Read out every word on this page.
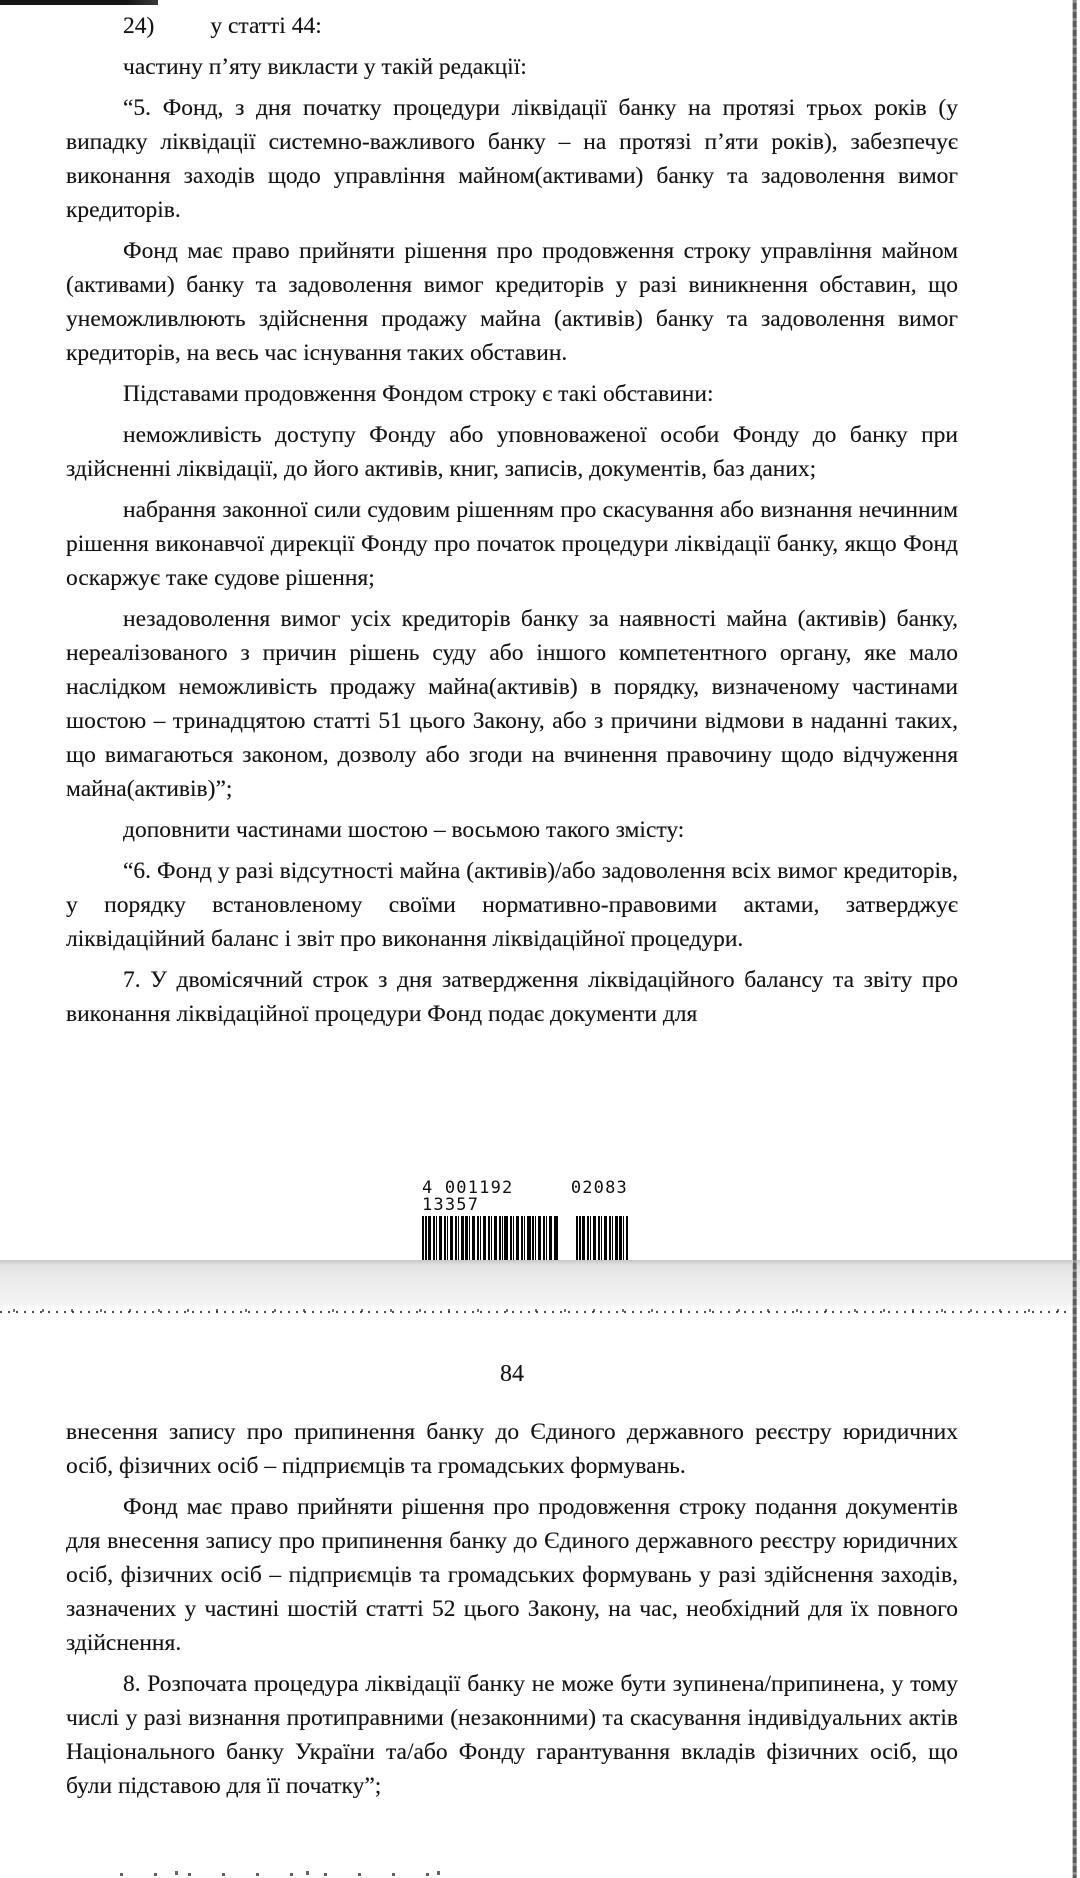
24) у статті 44:

частину п’яту викласти у такій редакції:

“5. Фонд, з дня початку процедури ліквідації банку на протязі трьох років (у випадку ліквідації системно-важливого банку – на протязі п’яти років), забезпечує виконання заходів щодо управління майном(активами) банку та задоволення вимог кредиторів.

Фонд має право прийняти рішення про продовження строку управління майном (активами) банку та задоволення вимог кредиторів у разі виникнення обставин, що унеможливлюють здійснення продажу майна (активів) банку та задоволення вимог кредиторів, на весь час існування таких обставин.

Підставами продовження Фондом строку є такі обставини:

неможливість доступу Фонду або уповноваженої особи Фонду до банку при здійсненні ліквідації, до його активів, книг, записів, документів, баз даних;

набрання законної сили судовим рішенням про скасування або визнання нечинним рішення виконавчої дирекції Фонду про початок процедури ліквідації банку, якщо Фонд оскаржує таке судове рішення;

незадоволення вимог усіх кредиторів банку за наявності майна (активів) банку, нереалізованого з причин рішень суду або іншого компетентного органу, яке мало наслідком неможливість продажу майна(активів) в порядку, визначеному частинами шостою – тринадцятою статті 51 цього Закону, або з причини відмови в наданні таких, що вимагаються законом, дозволу або згоди на вчинення правочину щодо відчуження майна(активів)”;

доповнити частинами шостою – восьмою такого змісту:

“6. Фонд у разі відсутності майна (активів)/або задоволення всіх вимог кредиторів, у порядку встановленому своїми нормативно-правовими актами, затверджує ліквідаційний баланс і звіт про виконання ліквідаційної процедури.

7. У двомісячний строк з дня затвердження ліквідаційного балансу та звіту про виконання ліквідаційної процедури Фонд подає документи для

4 001192 13357
02083
84

внесення запису про припинення банку до Єдиного державного реєстру юридичних осіб, фізичних осіб – підприємців та громадських формувань.

Фонд має право прийняти рішення про продовження строку подання документів для внесення запису про припинення банку до Єдиного державного реєстру юридичних осіб, фізичних осіб – підприємців та громадських формувань у разі здійснення заходів, зазначених у частині шостій статті 52 цього Закону, на час, необхідний для їх повного здійснення.

8. Розпочата процедура ліквідації банку не може бути зупинена/припинена, у тому числі у разі визнання протиправними (незаконними) та скасування індивідуальних актів Національного банку України та/або Фонду гарантування вкладів фізичних осіб, що були підставою для її початку”;
